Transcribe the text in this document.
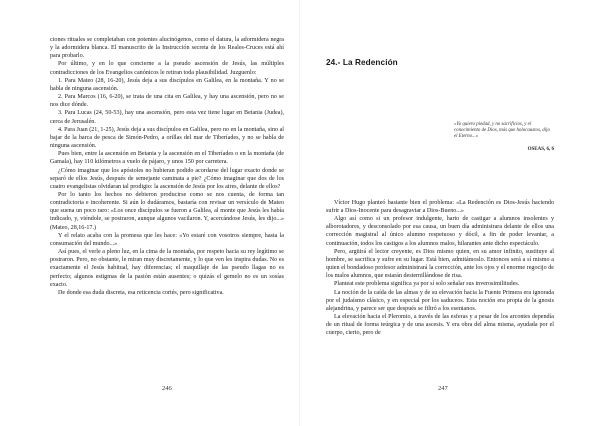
ciones rituales se completaban con potentes alucinógenos, como el datura, la adormidera negra y la adormidera blanca. El manuscrito de la Instrucción secreta de los Reales-Cruces está ahí para probarlo.

Por último, y en lo que concierne a la pseudo ascensión de Jesús, las múltiples contradicciones de los Evangelios canónicos le retiran toda plausibilidad. Juzguenlo:

1. Para Mateo (28, 16-20), Jesús deja a sus discípulos en Galilea, en la montaña. Y no se habla de ninguna ascensión.

2. Para Marcos (16, 6-20), se trata de una cita en Galilea, y hay una ascensión, pero no se nos dice dónde.

3. Para Lucas (24, 50-53), hay una ascensión, pero esta vez tiene lugar en Betania (Judea), cerca de Jerusalén.

4. Para Juan (21, 1-25), Jesús deja a sus discípulos en Galilea, pero no en la montaña, sino al bajar de la barca de pesca de Simón-Pedro, a orillas del mar de Tiberíades, y no se habla de ninguna ascensión.

Pues bien, entre la ascensión en Betania y la ascensión en el Tiberíades o en la montaña (de Gamala), hay 110 kilómetros a vuelo de pájaro, y unos 150 por carretera.

¿Cómo imaginar que los apóstoles no hubieran podido acordarse del lugar exacto donde se separó de ellos Jesús, después de semejante caminata a pie? ¿Cómo imaginar que dos de los cuatro evangelistas olvidaran tal prodigio: la ascensión de Jesús por los aires, delante de ellos?

Por lo tanto los hechos no debieron producirse como se nos cuenta, de forma tan contradictoria e incoherente. Si aún lo dudáramos, bastaría con revisar un versículo de Mateo que suena un poco raro: «Los once discípulos se fueron a Galilea, al monte que Jesús les había indicado, y, viéndole, se postraron, aunque algunos vacilaron. Y, acercándose Jesús, les dijo...» (Mateo, 28,16-17.)

Y el relato acaba con la promesa que les hace: «Yo estaré con vosotros siempre, hasta la consumación del mundo...»

Así pues, el verle a pleno luz, en la cima de la montaña, por respeto hacia su rey legítimo se postraron. Pero, no obstante, le miran muy discretamente, y lo que ven les inspira dudas. No es exactamente el Jesús habitual, hay diferencias; el maquillaje de las pseudo llagas no es perfecto; algunos estigmas de la pasión están ausentes; o quizás el gemelo no es un sosías exacto.

De donde esa duda discreta, esa reticencia cortés, pero significativa.

246
24.- La Redención
«Yo quiero piedad, y no sacrificios, y el conocimiento de Dios, más que holocaustos, dijo el Eterno...»
OSEAS, 6, 6

Víctor Hugo planteó bastante bien el problema: «La Redención es Dios-Jesús haciendo sufrir a Dios-Inocente para desagraviar a Dios-Bueno...»

Algo así como si un profesor indulgente, harto de castigar a alumnos insolentes y alborotadores, y desconsolado por esa causa, un buen día administrara delante de ellos una corrección magistral al único alumno respetuoso y dócil, a fin de poder levantar, a continuación, todos los castigos a los alumnos malos, hilarantes ante dicho espectáculo.

Pero, argüirá el lector creyente, es Dios mismo quien, en su amor infinito, sustituye al hombre, se sacrifica y sufre en su lugar. Está bien, admitámoslo. Entonces será a sí mismo a quien el bondadoso profesor administrará la corrección, ante los ojos y el enorme regocijo de los malos alumnos, que estarán desternillándose de risa.

Planteat este problema significa ya por sí solo señalar sus inverosimilitudes.

La noción de la caída de las almas y de su elevación hacia la Fuente Primera era ignorada por el judaísmo clásico, y en especial por los saduceos. Esta noción era propia de la gnosis alejandrina, y parece ser que después se filtró a los esenianos.

La elevación hacia el Pleromio, a través de las esferas y a pesar de los arcontes dependía de un ritual de forma teúrgica y de una ascesis. Y era obra del alma misma, ayudada por el cuerpo, cierto, pero de

247
